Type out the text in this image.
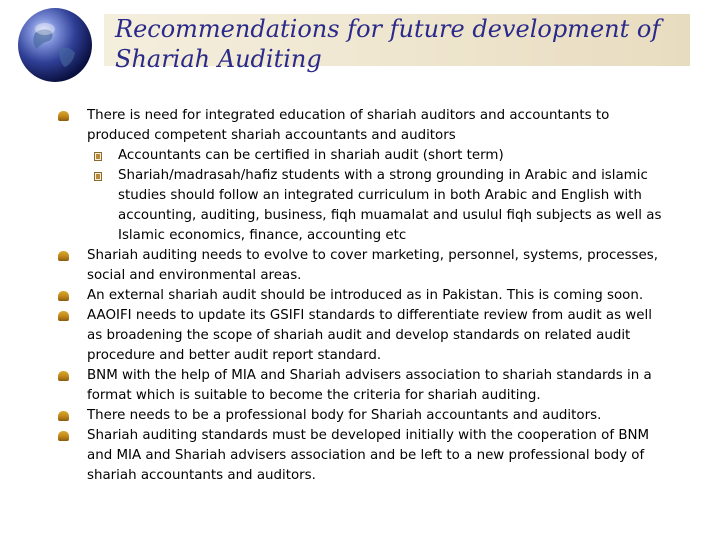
Recommendations for future development of Shariah Auditing
There is need for integrated education of shariah auditors and accountants to produced competent shariah accountants and auditors
Accountants can be certified in shariah audit (short term)
Shariah/madrasah/hafiz students with a strong grounding in Arabic and islamic studies should follow an integrated curriculum in both Arabic and English with accounting, auditing, business, fiqh muamalat and usulul fiqh subjects as well as Islamic economics, finance, accounting etc
Shariah auditing needs to evolve to cover marketing, personnel, systems, processes, social and environmental areas.
An external shariah audit should be introduced as in Pakistan. This is coming soon.
AAOIFI needs to update its GSIFI standards to differentiate review from audit as well as broadening the scope of shariah audit and develop standards on related audit procedure and better audit report standard.
BNM with the help of MIA and Shariah advisers association to shariah standards in a format which is suitable to become the criteria for shariah auditing.
There needs to be a professional body for Shariah accountants and auditors.
Shariah auditing standards must be developed initially with the cooperation of BNM and MIA and Shariah advisers association and be left to a new professional body of shariah accountants and auditors.
